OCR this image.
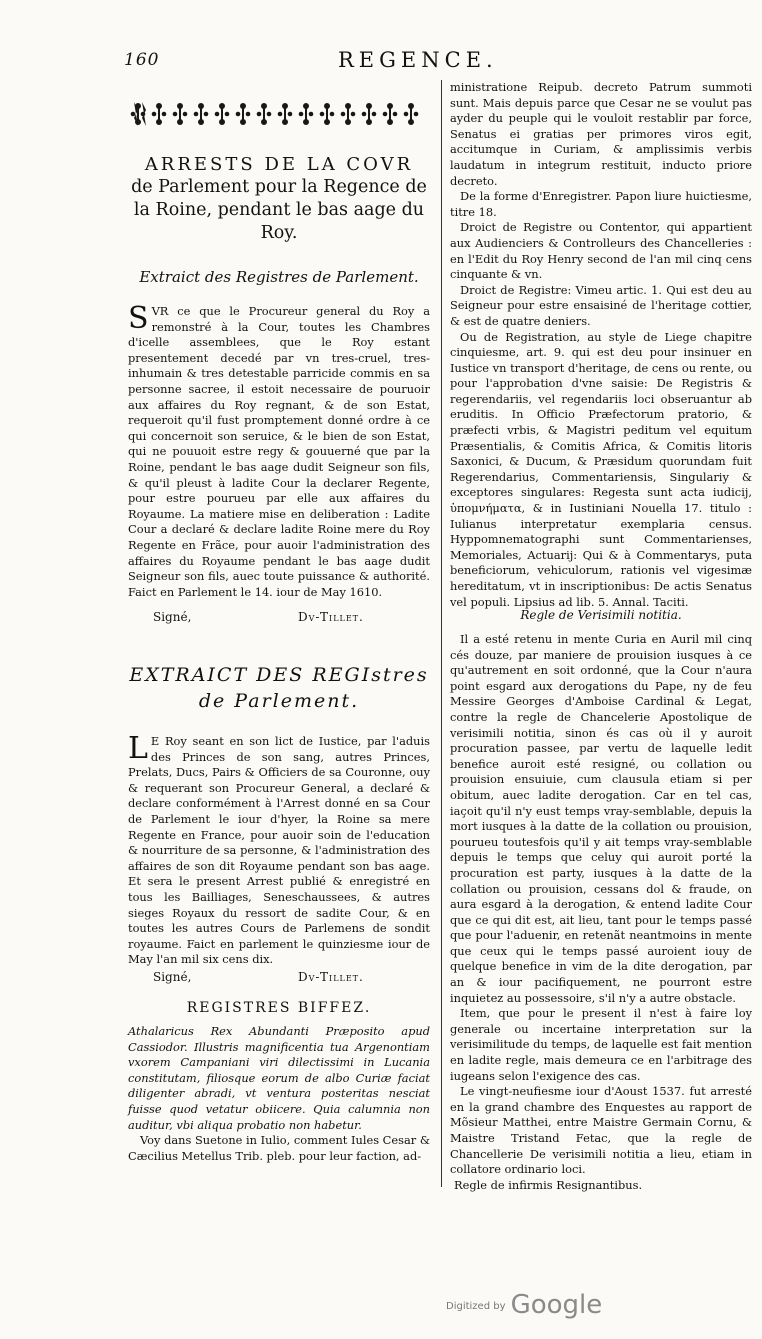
160	REGENCE.
ARRESTS DE LA COVR
de Parlement pour la Regence de la Roine, pendant le bas aage du Roy.
Extraict des Registres de Parlement.

SVR ce que le Procureur general du Roy a remonstré à la Cour, toutes les Chambres d'icelle assemblees, que le Roy estant presentement decedé par vn tres-cruel, tres-inhumain & tres detestable parricide commis en sa personne sacree, il estoit necessaire de pouruoir aux affaires du Roy regnant, & de son Estat, requeroit qu'il fust promptement donné ordre à ce qui concernoit son seruice, & le bien de son Estat, qui ne pouuoit estre regy & gouuerné que par la Roine, pendant le bas aage dudit Seigneur son fils, & qu'il pleust à ladite Cour la declarer Regente, pour estre pourueu par elle aux affaires du Royaume. La matiere mise en deliberation : Ladite Cour a declaré & declare ladite Roine mere du Roy Regente en Frãce, pour auoir l'administration des affaires du Royaume pendant le bas aage dudit Seigneur son fils, auec toute puissance & authorité. Faict en Parlement le 14. iour de May 1610.

Signé,	Dv-Tillet.
EXTRAICT DES REGIstres de Parlement.

L E Roy seant en son lict de Iustice, par l'aduis des Princes de son sang, autres Princes, Prelats, Ducs, Pairs & Officiers de sa Couronne, ouy & requerant son Procureur General, a declaré & declare conformément à l'Arrest donné en sa Cour de Parlement le iour d'hyer, la Roine sa mere Regente en France, pour auoir soin de l'education & nourriture de sa personne, & l'administration des affaires de son dit Royaume pendant son bas aage. Et sera le present Arrest publié & enregistré en tous les Bailliages, Seneschaussees, & autres sieges Royaux du ressort de sadite Cour, & en toutes les autres Cours de Parlemens de sondit royaume. Faict en parlement le quinziesme iour de May l'an mil six cens dix.

Signé,	Dv-Tillet.
REGISTRES BIFFEZ.

Athalaricus Rex Abundanti Præposito apud Cassiodor. Illustris magnificentia tua Argenontiam vxorem Campaniani viri dilectissimi in Lucania constitutam, filiosque eorum de albo Curiæ faciat diligenter abradi, vt ventura posteritas nesciat fuisse quod vetatur obiicere. Quia calumnia non auditur, vbi aliqua probatio non habetur.

Voy dans Suetone in Iulio, comment Iules Cesar & Cæcilius Metellus Trib. pleb. pour leur faction, ad-

ministratione Reipub. decreto Patrum summoti sunt. Mais depuis parce que Cesar ne se voulut pas ayder du peuple qui le vouloit restablir par force, Senatus ei gratias per primores viros egit, accitumque in Curiam, & amplissimis verbis laudatum in integrum restituit, inducto priore decreto.

De la forme d'Enregistrer. Papon liure huictiesme, titre 18.

Droict de Registre ou Contentor, qui appartient aux Audienciers & Controlleurs des Chancelleries : en l'Edit du Roy Henry second de l'an mil cinq cens cinquante & vn.

Droict de Registre: Vimeu artic. 1. Qui est deu au Seigneur pour estre ensaisiné de l'heritage cottier, & est de quatre deniers.

Ou de Registration, au style de Liege chapitre cinquiesme, art. 9. qui est deu pour insinuer en Iustice vn transport d'heritage, de cens ou rente, ou pour l'approbation d'vne saisie: De Registris & regerendariis, vel regendariis loci obseruantur ab eruditis. In Officio Præfectorum pratorio, & præfecti vrbis, & Magistri peditum vel equitum Præsentialis, & Comitis Africa, & Comitis litoris Saxonici, & Ducum, & Præsidum quorundam fuit Regerendarius, Commentariensis, Singulariy & exceptores singulares: Regesta sunt acta iudicij, ὑπομνήματα, & in Iustiniani Nouella 17. titulo : Iulianus interpretatur exemplaria census. Hyppomnematographi sunt Commentarienses, Memoriales, Actuarij: Qui & à Commentarys, puta beneficiorum, vehiculorum, rationis vel vigesimæ hereditatum, vt in inscriptionibus: De actis Senatus vel populi. Lipsius ad lib. 5. Annal. Taciti.

Regle de Verisimili notitia.

Il a esté retenu in mente Curia en Auril mil cinq cés douze, par maniere de prouision iusques à ce qu'autrement en soit ordonné, que la Cour n'aura point esgard aux derogations du Pape, ny de feu Messire Georges d'Amboise Cardinal & Legat, contre la regle de Chancelerie Apostolique de verisimili notitia, sinon és cas où il y auroit procuration passee, par vertu de laquelle ledit benefice auroit esté resigné, ou collation ou prouision ensuiuie, cum clausula etiam si per obitum, auec ladite derogation. Car en tel cas, iaçoit qu'il n'y eust temps vray-semblable, depuis la mort iusques à la datte de la collation ou prouision, pourueu toutesfois qu'il y ait temps vray-semblable depuis le temps que celuy qui auroit porté la procuration est party, iusques à la datte de la collation ou prouision, cessans dol & fraude, on aura esgard à la derogation, & entend ladite Cour que ce qui dit est, ait lieu, tant pour le temps passé que pour l'aduenir, en retenãt neantmoins in mente que ceux qui le temps passé auroient iouy de quelque benefice in vim de la dite derogation, par an & iour pacifiquement, ne pourront estre inquietez au possessoire, s'il n'y a autre obstacle.

Item, que pour le present il n'est à faire loy generale ou incertaine interpretation sur la verisimilitude du temps, de laquelle est fait mention en ladite regle, mais demeura ce en l'arbitrage des iugeans selon l'exigence des cas.

Le vingt-neufiesme iour d'Aoust 1537. fut arresté en la grand chambre des Enquestes au rapport de Mõsieur Matthei, entre Maistre Germain Cornu, & Maistre Tristand Fetac, que la regle de Chancellerie De verisimili notitia a lieu, etiam in collatore ordinario loci.

Regle de infirmis Resignantibus.

$^{Digitized by}$ Google
